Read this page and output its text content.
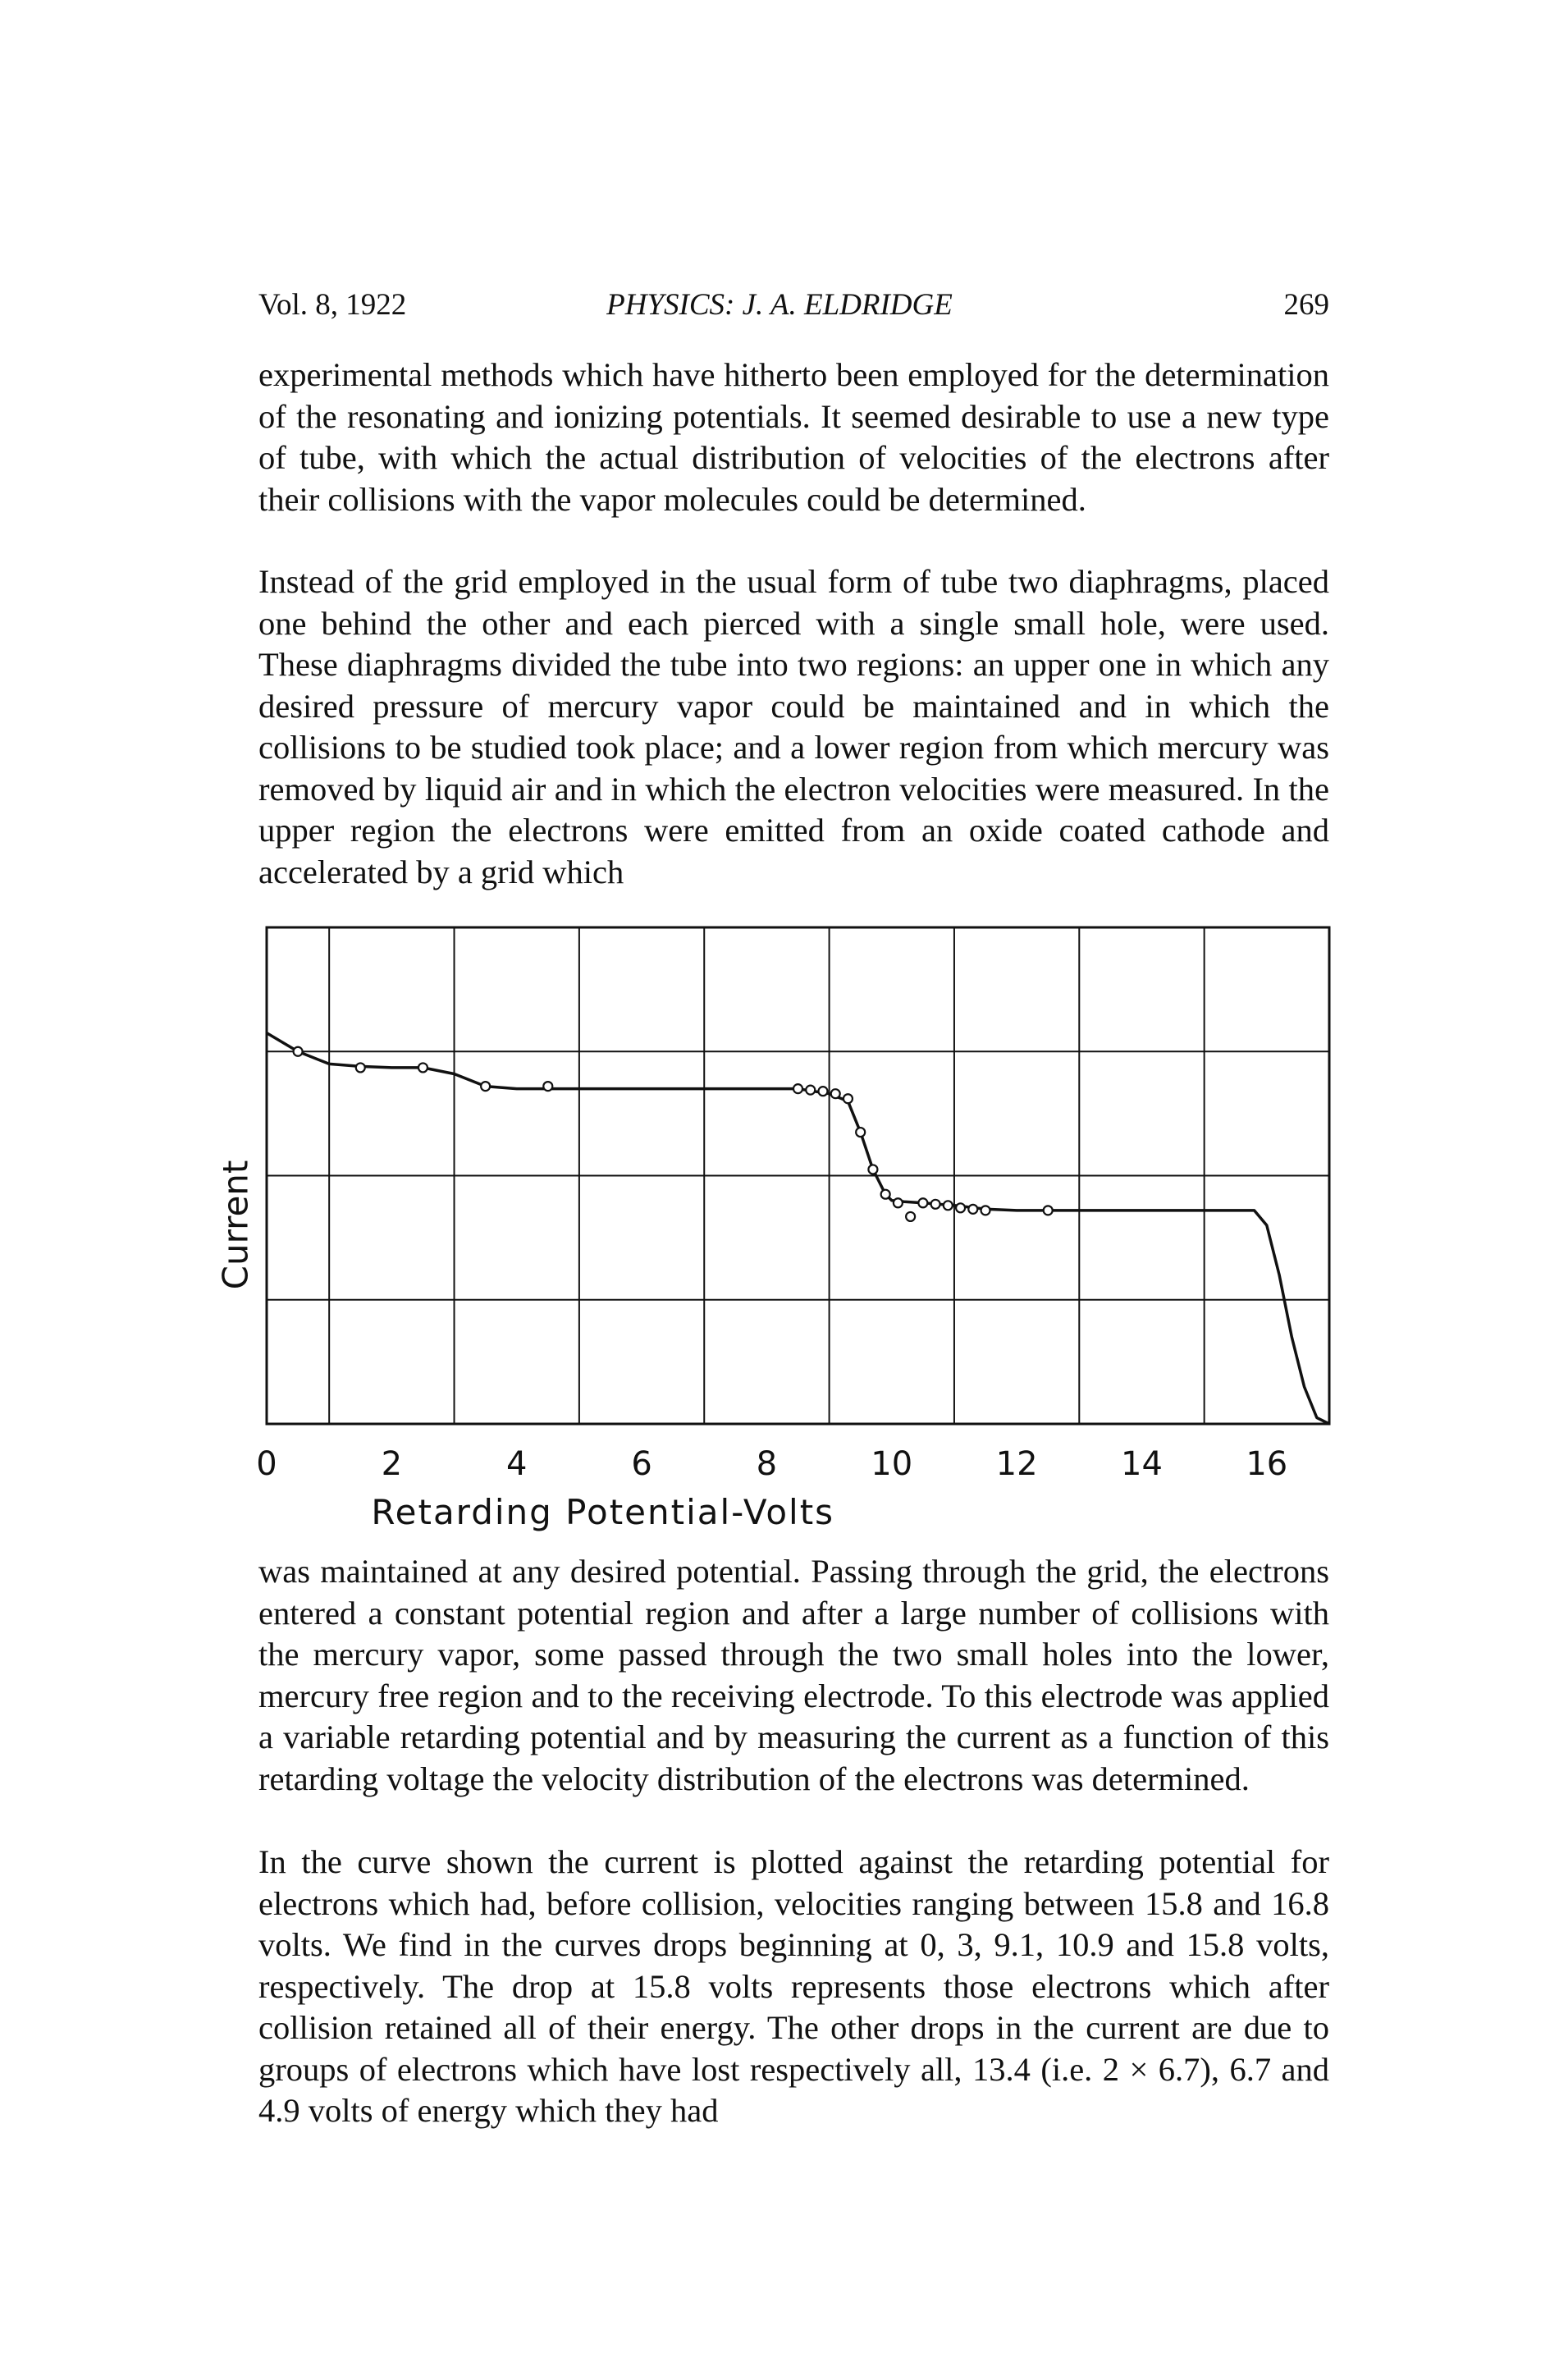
Vol. 8, 1922	PHYSICS: J. A. ELDRIDGE	269

experimental methods which have hitherto been employed for the determination of the resonating and ionizing potentials. It seemed desirable to use a new type of tube, with which the actual distribution of velocities of the electrons after their collisions with the vapor molecules could be determined.

Instead of the grid employed in the usual form of tube two diaphragms, placed one behind the other and each pierced with a single small hole, were used. These diaphragms divided the tube into two regions: an upper one in which any desired pressure of mercury vapor could be maintained and in which the collisions to be studied took place; and a lower region from which mercury was removed by liquid air and in which the electron velocities were measured. In the upper region the electrons were emitted from an oxide coated cathode and accelerated by a grid which

0	2	4	6	8	10	12	14	16
Current
Retarding Potential-Volts

was maintained at any desired potential. Passing through the grid, the electrons entered a constant potential region and after a large number of collisions with the mercury vapor, some passed through the two small holes into the lower, mercury free region and to the receiving electrode. To this electrode was applied a variable retarding potential and by measuring the current as a function of this retarding voltage the velocity distribution of the electrons was determined.

In the curve shown the current is plotted against the retarding potential for electrons which had, before collision, velocities ranging between 15.8 and 16.8 volts. We find in the curves drops beginning at 0, 3, 9.1, 10.9 and 15.8 volts, respectively. The drop at 15.8 volts represents those electrons which after collision retained all of their energy. The other drops in the current are due to groups of electrons which have lost respectively all, 13.4 (i.e. 2 × 6.7), 6.7 and 4.9 volts of energy which they had
